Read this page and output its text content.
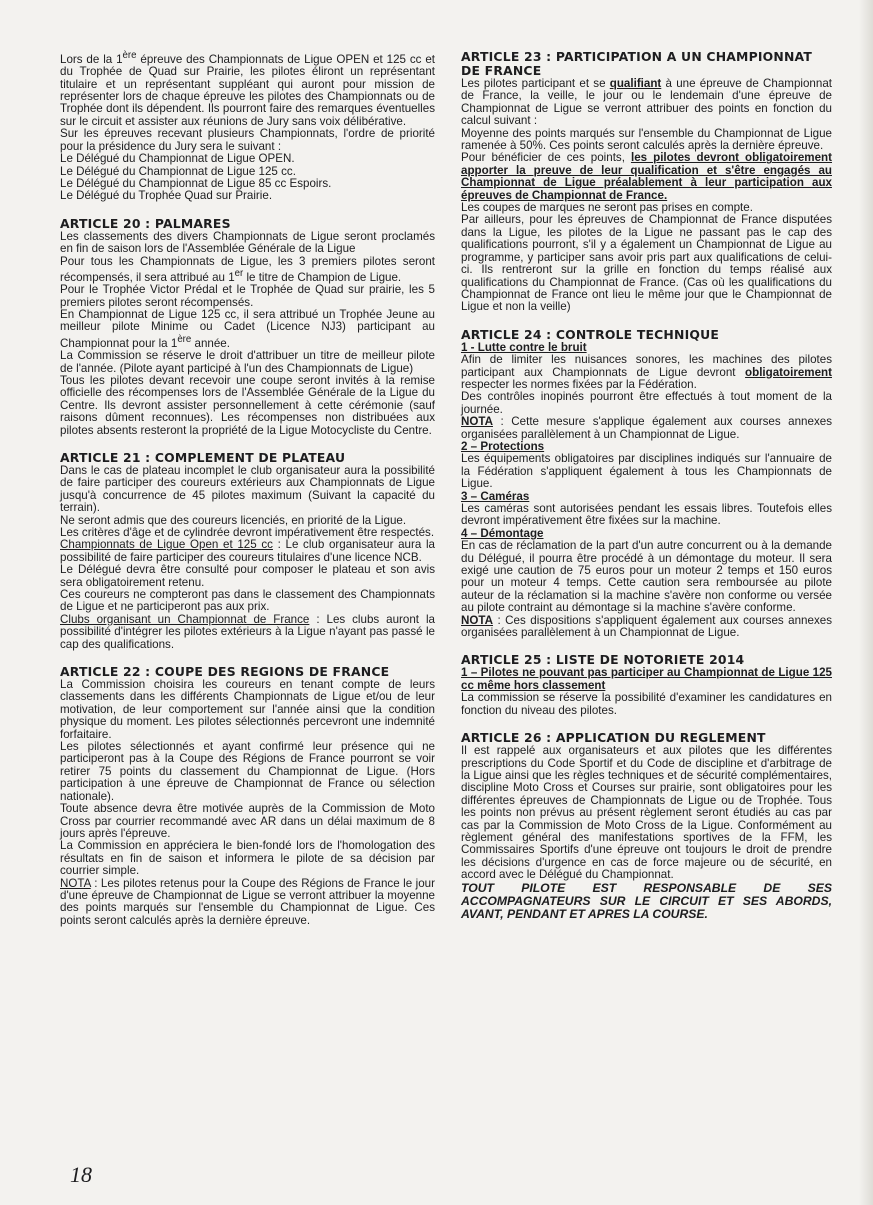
Lors de la 1ère épreuve des Championnats de Ligue OPEN et 125 cc et du Trophée de Quad sur Prairie, les pilotes éliront un représentant titulaire et un représentant suppléant qui auront pour mission de représenter lors de chaque épreuve les pilotes des Championnats ou de Trophée dont ils dépendent. Ils pourront faire des remarques éventuelles sur le circuit et assister aux réunions de Jury sans voix délibérative.

Sur les épreuves recevant plusieurs Championnats, l'ordre de priorité pour la présidence du Jury sera le suivant :

Le Délégué du Championnat de Ligue OPEN.

Le Délégué du Championnat de Ligue 125 cc.

Le Délégué du Championnat de Ligue 85 cc Espoirs.

Le Délégué du Trophée Quad sur Prairie.

ARTICLE 20 : PALMARES

Les classements des divers Championnats de Ligue seront proclamés en fin de saison lors de l'Assemblée Générale de la Ligue

Pour tous les Championnats de Ligue, les 3 premiers pilotes seront récompensés, il sera attribué au 1er le titre de Champion de Ligue.

Pour le Trophée Victor Prédal et le Trophée de Quad sur prairie, les 5 premiers pilotes seront récompensés.

En Championnat de Ligue 125 cc, il sera attribué un Trophée Jeune au meilleur pilote Minime ou Cadet (Licence NJ3) participant au Championnat pour la 1ère année.

La Commission se réserve le droit d'attribuer un titre de meilleur pilote de l'année. (Pilote ayant participé à l'un des Championnats de Ligue)

Tous les pilotes devant recevoir une coupe seront invités à la remise officielle des récompenses lors de l'Assemblée Générale de la Ligue du Centre. Ils devront assister personnellement à cette cérémonie (sauf raisons dûment reconnues). Les récompenses non distribuées aux pilotes absents resteront la propriété de la Ligue Motocycliste du Centre.

ARTICLE 21 : COMPLEMENT DE PLATEAU

Dans le cas de plateau incomplet le club organisateur aura la possibilité de faire participer des coureurs extérieurs aux Championnats de Ligue jusqu'à concurrence de 45 pilotes maximum (Suivant la capacité du terrain).

Ne seront admis que des coureurs licenciés, en priorité de la Ligue.

Les critères d'âge et de cylindrée devront impérativement être respectés.

Championnats de Ligue Open et 125 cc : Le club organisateur aura la possibilité de faire participer des coureurs titulaires d'une licence NCB.

Le Délégué devra être consulté pour composer le plateau et son avis sera obligatoirement retenu.

Ces coureurs ne compteront pas dans le classement des Championnats de Ligue et ne participeront pas aux prix.

Clubs organisant un Championnat de France : Les clubs auront la possibilité d'intégrer les pilotes extérieurs à la Ligue n'ayant pas passé le cap des qualifications.

ARTICLE 22 : COUPE DES REGIONS DE FRANCE

La Commission choisira les coureurs en tenant compte de leurs classements dans les différents Championnats de Ligue et/ou de leur motivation, de leur comportement sur l'année ainsi que la condition physique du moment. Les pilotes sélectionnés percevront une indemnité forfaitaire.

Les pilotes sélectionnés et ayant confirmé leur présence qui ne participeront pas à la Coupe des Régions de France pourront se voir retirer 75 points du classement du Championnat de Ligue. (Hors participation à une épreuve de Championnat de France ou sélection nationale).

Toute absence devra être motivée auprès de la Commission de Moto Cross par courrier recommandé avec AR dans un délai maximum de 8 jours après l'épreuve.

La Commission en appréciera le bien-fondé lors de l'homologation des résultats en fin de saison et informera le pilote de sa décision par courrier simple.

NOTA : Les pilotes retenus pour la Coupe des Régions de France le jour d'une épreuve de Championnat de Ligue se verront attribuer la moyenne des points marqués sur l'ensemble du Championnat de Ligue. Ces points seront calculés après la dernière épreuve.

ARTICLE 23 : PARTICIPATION A UN CHAMPIONNAT DE FRANCE

Les pilotes participant et se qualifiant à une épreuve de Championnat de France, la veille, le jour ou le lendemain d'une épreuve de Championnat de Ligue se verront attribuer des points en fonction du calcul suivant :

Moyenne des points marqués sur l'ensemble du Championnat de Ligue ramenée à 50%. Ces points seront calculés après la dernière épreuve.

Pour bénéficier de ces points, les pilotes devront obligatoirement apporter la preuve de leur qualification et s'être engagés au Championnat de Ligue préalablement à leur participation aux épreuves de Championnat de France.

Les coupes de marques ne seront pas prises en compte.

Par ailleurs, pour les épreuves de Championnat de France disputées dans la Ligue, les pilotes de la Ligue ne passant pas le cap des qualifications pourront, s'il y a également un Championnat de Ligue au programme, y participer sans avoir pris part aux qualifications de celui-ci. Ils rentreront sur la grille en fonction du temps réalisé aux qualifications du Championnat de France. (Cas où les qualifications du Championnat de France ont lieu le même jour que le Championnat de Ligue et non la veille)

ARTICLE 24 : CONTROLE TECHNIQUE

1 - Lutte contre le bruit

Afin de limiter les nuisances sonores, les machines des pilotes participant aux Championnats de Ligue devront obligatoirement respecter les normes fixées par la Fédération.

Des contrôles inopinés pourront être effectués à tout moment de la journée.

NOTA : Cette mesure s'applique également aux courses annexes organisées parallèlement à un Championnat de Ligue.

2 – Protections

Les équipements obligatoires par disciplines indiqués sur l'annuaire de la Fédération s'appliquent également à tous les Championnats de Ligue.

3 – Caméras

Les caméras sont autorisées pendant les essais libres. Toutefois elles devront impérativement être fixées sur la machine.

4 – Démontage

En cas de réclamation de la part d'un autre concurrent ou à la demande du Délégué, il pourra être procédé à un démontage du moteur. Il sera exigé une caution de 75 euros pour un moteur 2 temps et 150 euros pour un moteur 4 temps. Cette caution sera remboursée au pilote auteur de la réclamation si la machine s'avère non conforme ou versée au pilote contraint au démontage si la machine s'avère conforme.

NOTA : Ces dispositions s'appliquent également aux courses annexes organisées parallèlement à un Championnat de Ligue.

ARTICLE 25 : LISTE DE NOTORIETE 2014

1 – Pilotes ne pouvant pas participer au Championnat de Ligue 125 cc même hors classement

La commission se réserve la possibilité d'examiner les candidatures en fonction du niveau des pilotes.

ARTICLE 26 : APPLICATION DU REGLEMENT

Il est rappelé aux organisateurs et aux pilotes que les différentes prescriptions du Code Sportif et du Code de discipline et d'arbitrage de la Ligue ainsi que les règles techniques et de sécurité complémentaires, discipline Moto Cross et Courses sur prairie, sont obligatoires pour les différentes épreuves de Championnats de Ligue ou de Trophée. Tous les points non prévus au présent règlement seront étudiés au cas par cas par la Commission de Moto Cross de la Ligue. Conformément au règlement général des manifestations sportives de la FFM, les Commissaires Sportifs d'une épreuve ont toujours le droit de prendre les décisions d'urgence en cas de force majeure ou de sécurité, en accord avec le Délégué du Championnat.

TOUT PILOTE EST RESPONSABLE DE SES ACCOMPAGNATEURS SUR LE CIRCUIT ET SES ABORDS, AVANT, PENDANT ET APRES LA COURSE.

18
